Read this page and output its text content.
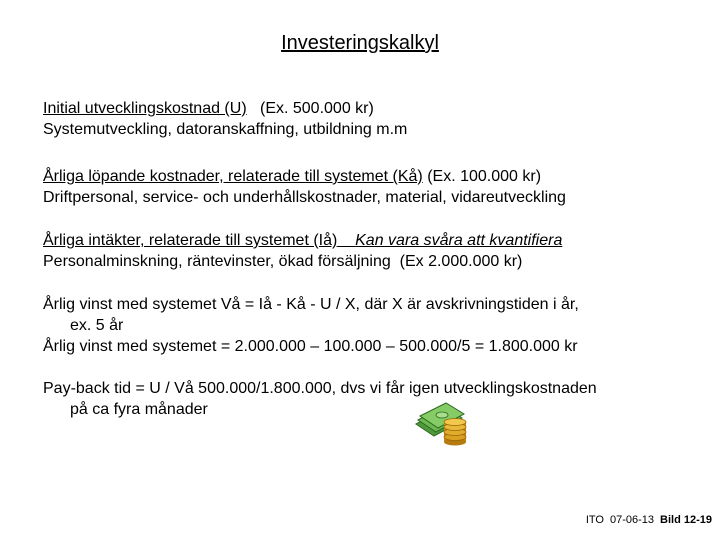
Investeringskalkyl
Initial utvecklingskostnad (U) (Ex. 500.000 kr)
Systemutveckling, datoranskaffning, utbildning m.m
Årliga löpande kostnader, relaterade till systemet (Kå) (Ex. 100.000 kr)
Driftpersonal, service- och underhållskostnader, material, vidareutveckling
Årliga intäkter, relaterade till systemet (Iå) Kan vara svåra att kvantifiera
Personalminskning, räntevinster, ökad försäljning (Ex 2.000.000 kr)
Årlig vinst med systemet Vå = Iå - Kå - U / X, där X är avskrivningstiden i år,
ex. 5 år
Årlig vinst med systemet = 2.000.000 – 100.000 – 500.000/5 = 1.800.000 kr
Pay-back tid = U / Vå 500.000/1.800.000, dvs vi får igen utvecklingskostnaden
på ca fyra månader
ITO 07-06-13 Bild 12-19
